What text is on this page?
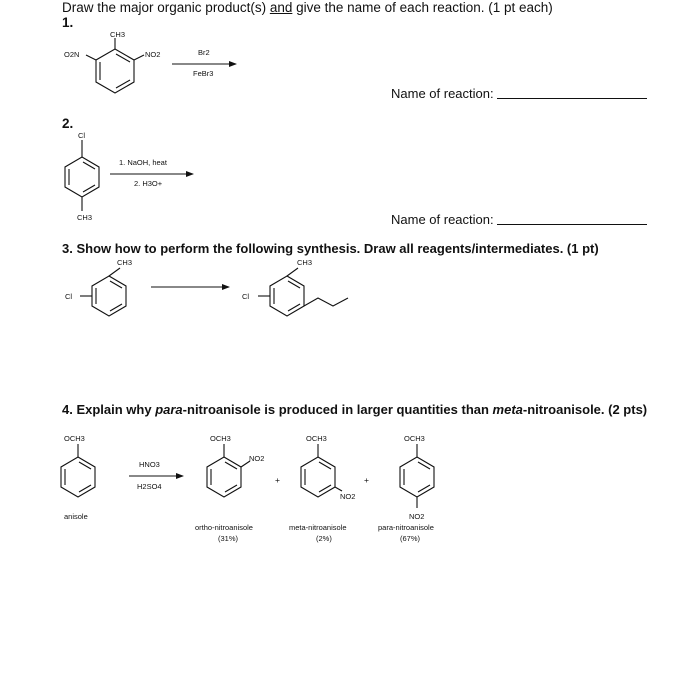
Draw the major organic product(s) and give the name of each reaction. (1 pt each)
1.
Name of reaction:
2.
Name of reaction:
3. Show how to perform the following synthesis. Draw all reagents/intermediates. (1 pt)
4. Explain why para-nitroanisole is produced in larger quantities than meta-nitroanisole. (2 pts)
CH3
O2N	NO2	Br2
FeBr3
Cl
CH3
1. NaOH, heat
2. H3O+
CH3
Cl
CH3
Cl
OCH3
anisole
HNO3
H2SO4
OCH3
NO2
+
ortho-nitroanisole
(31%)
OCH3
NO2
+
meta-nitroanisole
(2%)
OCH3
NO2
para-nitroanisole
(67%)
